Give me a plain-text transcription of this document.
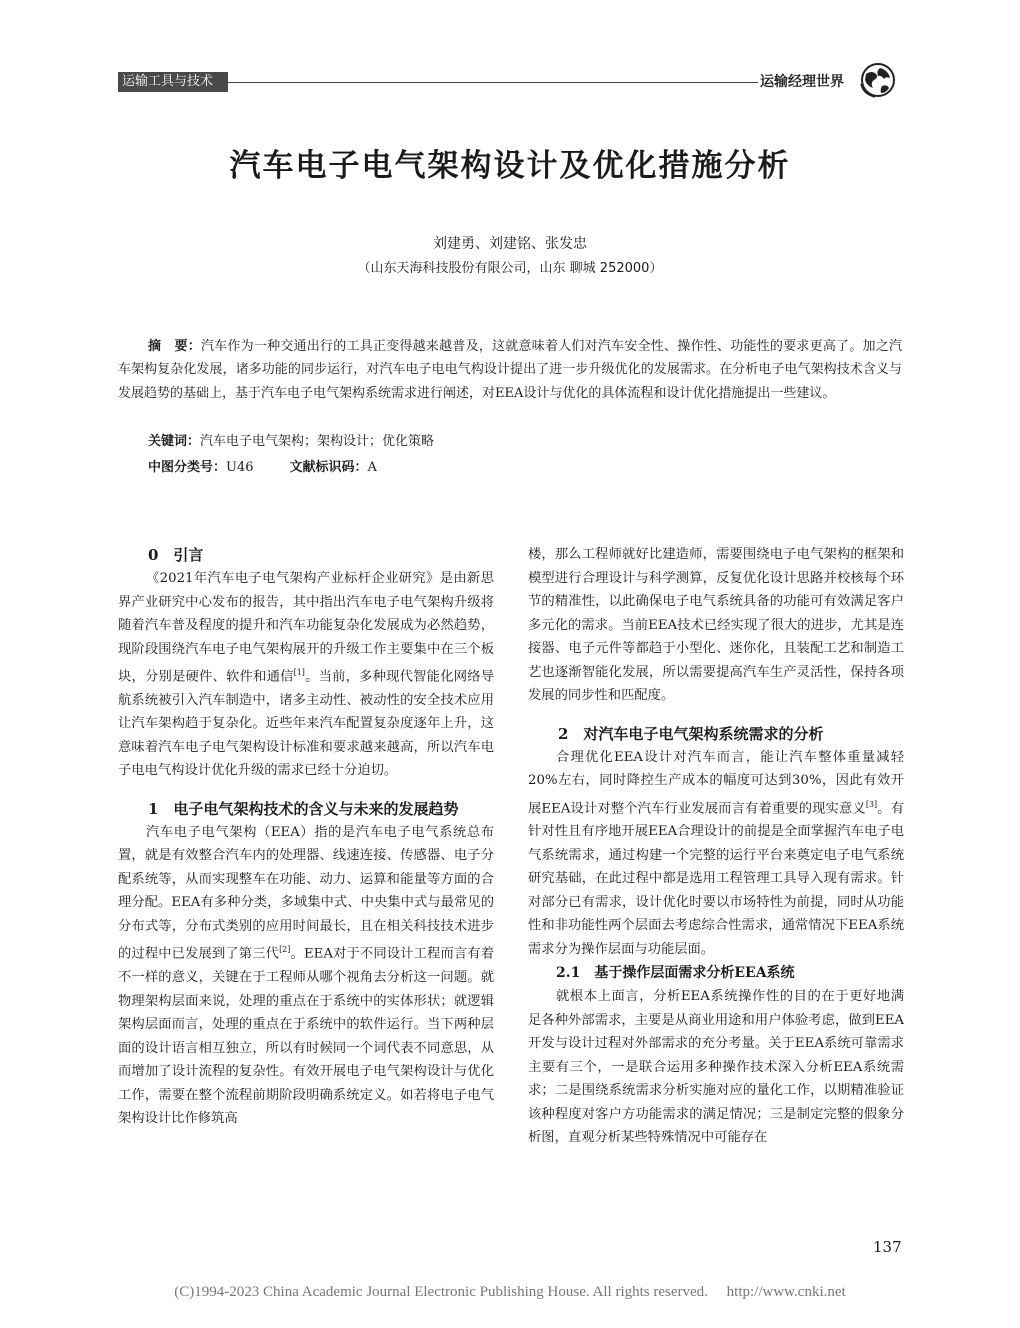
运输工具与技术	运输经理世界
汽车电子电气架构设计及优化措施分析
刘建勇、刘建铭、张发忠
（山东天海科技股份有限公司，山东 聊城 252000）
摘　要：汽车作为一种交通出行的工具正变得越来越普及，这就意味着人们对汽车安全性、操作性、功能性的要求更高了。加之汽车架构复杂化发展，诸多功能的同步运行，对汽车电子电电气构设计提出了进一步升级优化的发展需求。在分析电子电气架构技术含义与发展趋势的基础上，基于汽车电子电气架构系统需求进行阐述，对EEA设计与优化的具体流程和设计优化措施提出一些建议。
关键词：汽车电子电气架构；架构设计；优化策略
中图分类号：U46	文献标识码：A

0　引言

《2021年汽车电子电气架构产业标杆企业研究》是由新思界产业研究中心发布的报告，其中指出汽车电子电气架构升级将随着汽车普及程度的提升和汽车功能复杂化发展成为必然趋势，现阶段围绕汽车电子电气架构展开的升级工作主要集中在三个板块，分别是硬件、软件和通信[1]。当前，多种现代智能化网络导航系统被引入汽车制造中，诸多主动性、被动性的安全技术应用让汽车架构趋于复杂化。近些年来汽车配置复杂度逐年上升，这意味着汽车电子电气架构设计标准和要求越来越高，所以汽车电子电电气构设计优化升级的需求已经十分迫切。

1　电子电气架构技术的含义与未来的发展趋势

汽车电子电气架构（EEA）指的是汽车电子电气系统总布置，就是有效整合汽车内的处理器、线速连接、传感器、电子分配系统等，从而实现整车在功能、动力、运算和能量等方面的合理分配。EEA有多种分类，多域集中式、中央集中式与最常见的分布式等，分布式类别的应用时间最长，且在相关科技技术进步的过程中已发展到了第三代[2]。EEA对于不同设计工程而言有着不一样的意义，关键在于工程师从哪个视角去分析这一问题。就物理架构层面来说，处理的重点在于系统中的实体形状；就逻辑架构层面而言，处理的重点在于系统中的软件运行。当下两种层面的设计语言相互独立，所以有时候同一个词代表不同意思，从而增加了设计流程的复杂性。有效开展电子电气架构设计与优化工作，需要在整个流程前期阶段明确系统定义。如若将电子电气架构设计比作修筑高

楼，那么工程师就好比建造师，需要围绕电子电气架构的框架和模型进行合理设计与科学测算，反复优化设计思路并校核每个环节的精准性，以此确保电子电气系统具备的功能可有效满足客户多元化的需求。当前EEA技术已经实现了很大的进步，尤其是连接器、电子元件等都趋于小型化、迷你化，且装配工艺和制造工艺也逐渐智能化发展，所以需要提高汽车生产灵活性，保持各项发展的同步性和匹配度。

2　对汽车电子电气架构系统需求的分析

合理优化EEA设计对汽车而言，能让汽车整体重量减轻20%左右，同时降控生产成本的幅度可达到30%，因此有效开展EEA设计对整个汽车行业发展而言有着重要的现实意义[3]。有针对性且有序地开展EEA合理设计的前提是全面掌握汽车电子电气系统需求，通过构建一个完整的运行平台来奠定电子电气系统研究基础，在此过程中都是选用工程管理工具导入现有需求。针对部分已有需求，设计优化时要以市场特性为前提，同时从功能性和非功能性两个层面去考虑综合性需求，通常情况下EEA系统需求分为操作层面与功能层面。

2.1　基于操作层面需求分析EEA系统

就根本上面言，分析EEA系统操作性的目的在于更好地满足各种外部需求，主要是从商业用途和用户体验考虑，做到EEA开发与设计过程对外部需求的充分考量。关于EEA系统可靠需求主要有三个，一是联合运用多种操作技术深入分析EEA系统需求；二是围绕系统需求分析实施对应的量化工作，以期精准验证该种程度对客户方功能需求的满足情况；三是制定完整的假象分析图，直观分析某些特殊情况中可能存在

137
(C)1994-2023 China Academic Journal Electronic Publishing House. All rights reserved.　 http://www.cnki.net
